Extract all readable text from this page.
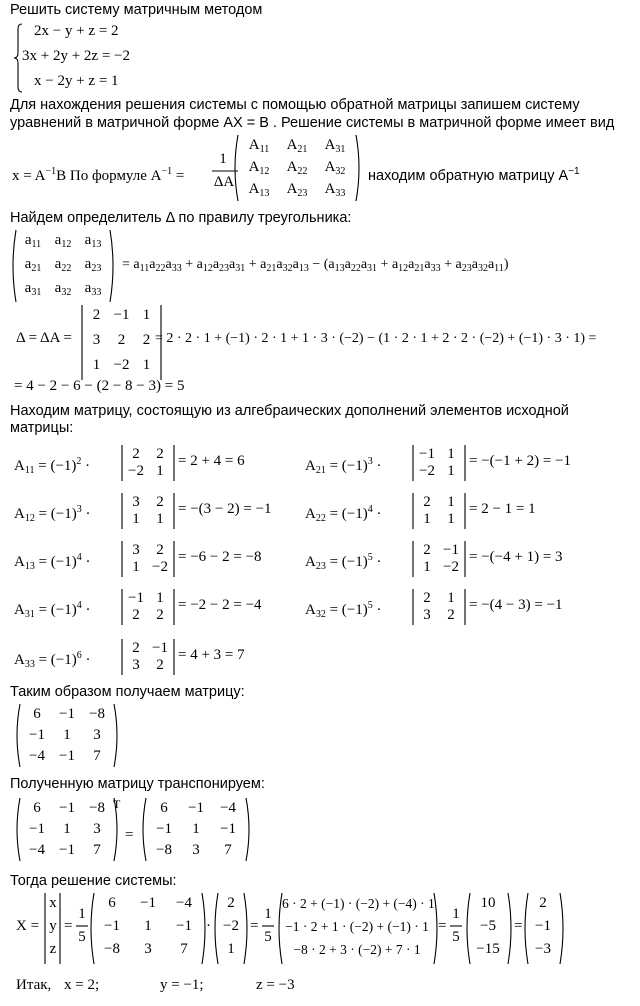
Решить систему матричным методом
2x − y + z = 2
3x + 2y + 2z = −2
x − 2y + z = 1
Для нахождения решения системы с помощью обратной матрицы запишем систему
уравнений в матричной форме AX = B . Решение системы в матричной форме имеет вид
$x = A^{-1}B$ По формуле $A^{-1}$ =
1
ΔA
$A_{11}$	$A_{21}$	$A_{31}$
$A_{12}$	$A_{22}$	$A_{32}$
$A_{13}$	$A_{23}$	$A_{33}$
находим обратную матрицу $A^{-1}$
Найдем определитель Δ по правилу треугольника:
$a_{11}$ $a_{12}$ $a_{13}$
$a_{21}$ $a_{22}$ $a_{23}$
$a_{31}$ $a_{32}$ $a_{33}$
= $a_{11}a_{22}a_{33} + a_{12}a_{23}a_{31} + a_{21}a_{32}a_{13} - (a_{13}a_{22}a_{31} + a_{12}a_{21}a_{33} + a_{23}a_{32}a_{11})$
Δ = ΔA =
2 −1 1
3	2	2
1 −2 1
= 2 · 2 · 1 + (−1) · 2 · 1 + 1 · 3 · (−2) − (1 · 2 · 1 + 2 · 2 · (−2) + (−1) · 3 · 1) =
= 4 − 2 − 6 − (2 − 8 − 3) = 5
Находим матрицу, состоящую из алгебраических дополнений элементов исходной
матрицы:
$A_{11} = (-1)^2$ ·
2	2
−2 1
= 2 + 4 = 6	$A_{21} = (-1)^3$ ·
−1 1
−2 1
= −(−1 + 2) = −1
$A_{12} = (-1)^3$ ·
3	2
1	1
= −(3 − 2) = −1 $A_{22} = (-1)^4$ ·
2	1
1	1
= 2 − 1 = 1
$A_{13} = (-1)^4$ ·
3	2
1 −2
= −6 − 2 = −8	$A_{23} = (-1)^5$ ·
2 −1
1 −2
= −(−4 + 1) = 3
$A_{31} = (-1)^4$ ·
−1 1
2	2
= −2 − 2 = −4	$A_{32} = (-1)^5$ ·
2	1
3	2
= −(4 − 3) = −1
$A_{33} = (-1)^6$ ·
2 −1
3	2
= 4 + 3 = 7
Таким образом получаем матрицу:
6	−1 −8
−1	1	3
−4 −1	7
Полученную матрицу транспонируем:
6	−1 −8
−1	1	3
−4 −1	7
T
=
6	−1	−4
−1	1	−1
−8	3	7
Тогда решение системы:
X =
x
y
z
=
1
5
6	−1	−4
−1	1	−1
−8	3	7
·
2
−2
1
=
1
5
6 · 2 + (−1) · (−2) + (−4) · 1
−1 · 2 + 1 · (−2) + (−1) · 1
−8 · 2 + 3 · (−2) + 7 · 1
=
1
5
10
−5
−15
=
2
−1
−3
Итак, x = 2;	y = −1;	z = −3
